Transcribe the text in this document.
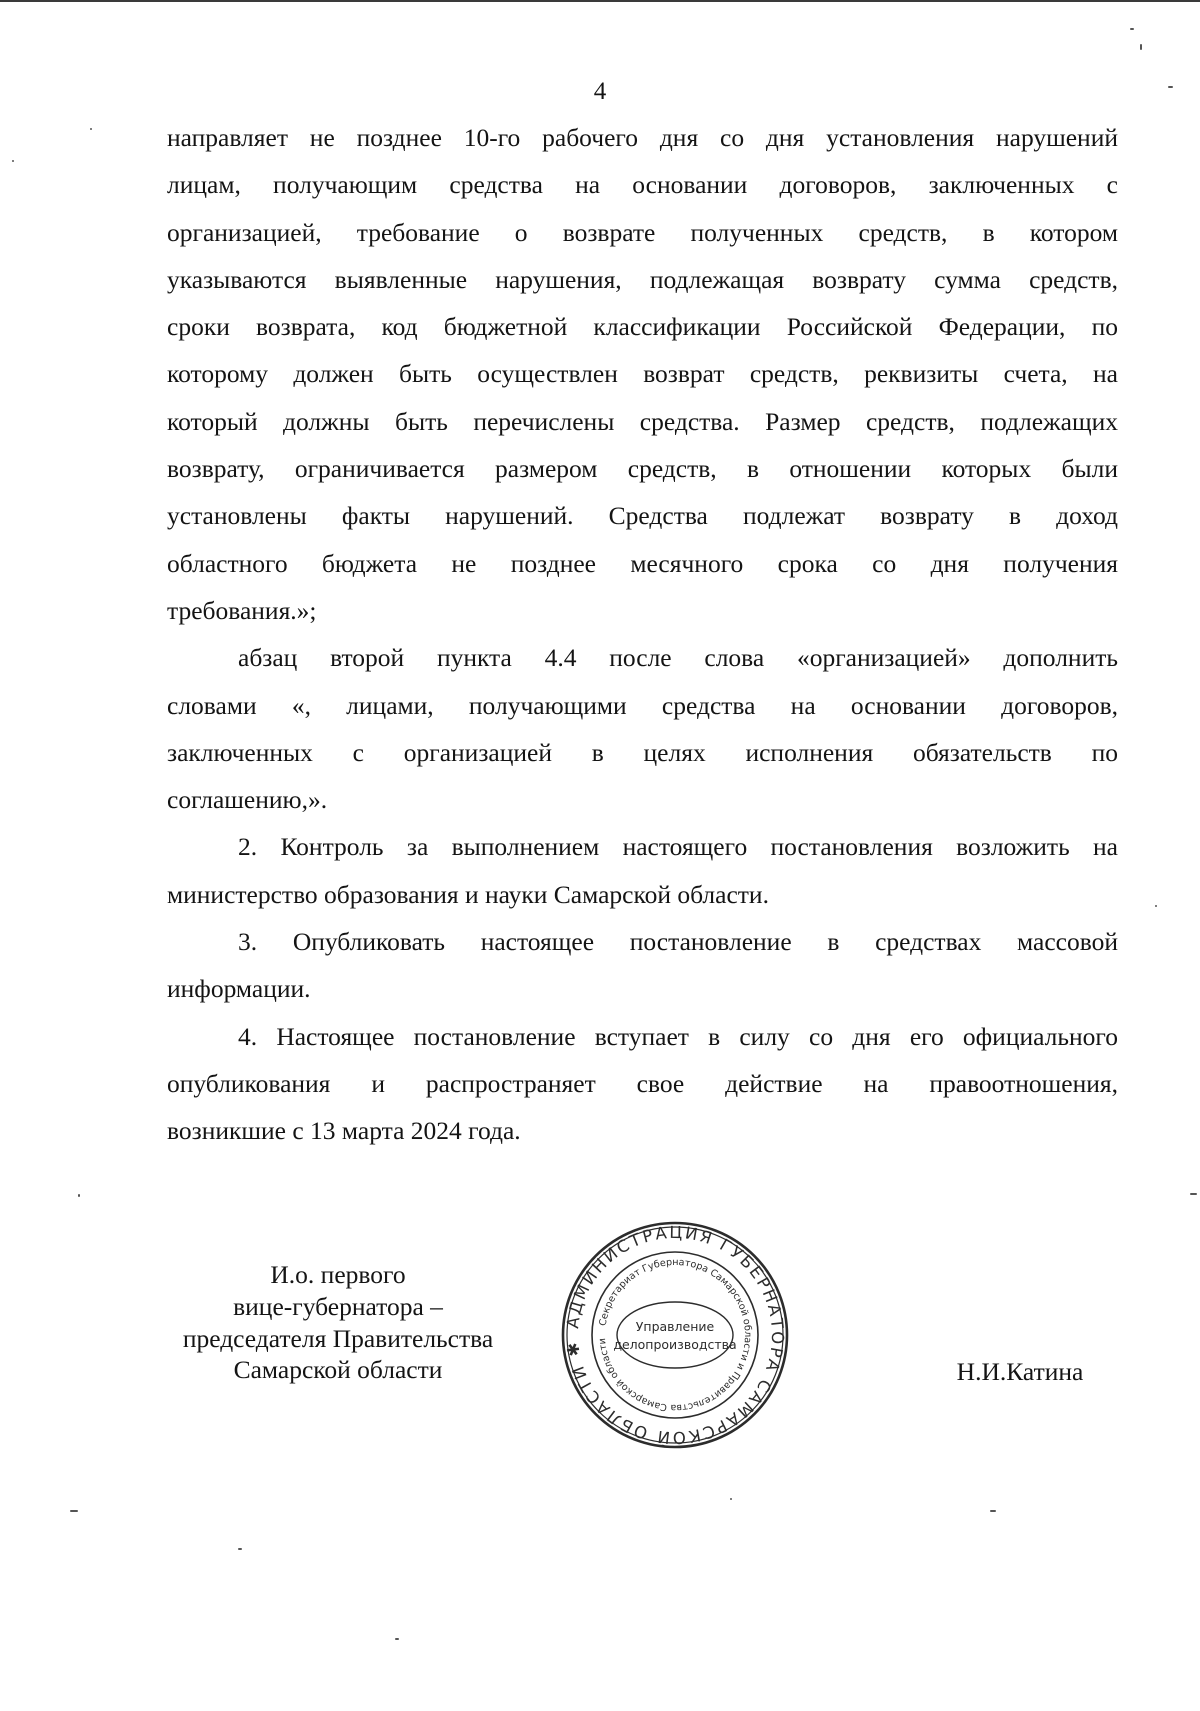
4
направляет не позднее 10-го рабочего дня со дня установления нарушений
лицам, получающим средства на основании договоров, заключенных с
организацией, требование о возврате полученных средств, в котором
указываются выявленные нарушения, подлежащая возврату сумма средств,
сроки возврата, код бюджетной классификации Российской Федерации, по
которому должен быть осуществлен возврат средств, реквизиты счета, на
который должны быть перечислены средства. Размер средств, подлежащих
возврату, ограничивается размером средств, в отношении которых были
установлены факты нарушений. Средства подлежат возврату в доход
областного бюджета не позднее месячного срока со дня получения
требования.»;
абзац второй пункта 4.4 после слова «организацией» дополнить
словами «, лицами, получающими средства на основании договоров,
заключенных с организацией в целях исполнения обязательств по
соглашению,».
2. Контроль за выполнением настоящего постановления возложить на
министерство образования и науки Самарской области.
3. Опубликовать настоящее постановление в средствах массовой
информации.
4. Настоящее постановление вступает в силу со дня его официального
опубликования и распространяет свое действие на правоотношения,
возникшие с 13 марта 2024 года.
И.о. первого
вице-губернатора –
председателя Правительства
Самарской области	Н.И.Катина
АДМИНИСТРАЦИЯ ГУБЕРНАТОРА САМАРСКОЙ ОБЛАСТИ ✱
Секретариат Губернатора Самарской области и Правительства Самарской области
Управление
делопроизводства
